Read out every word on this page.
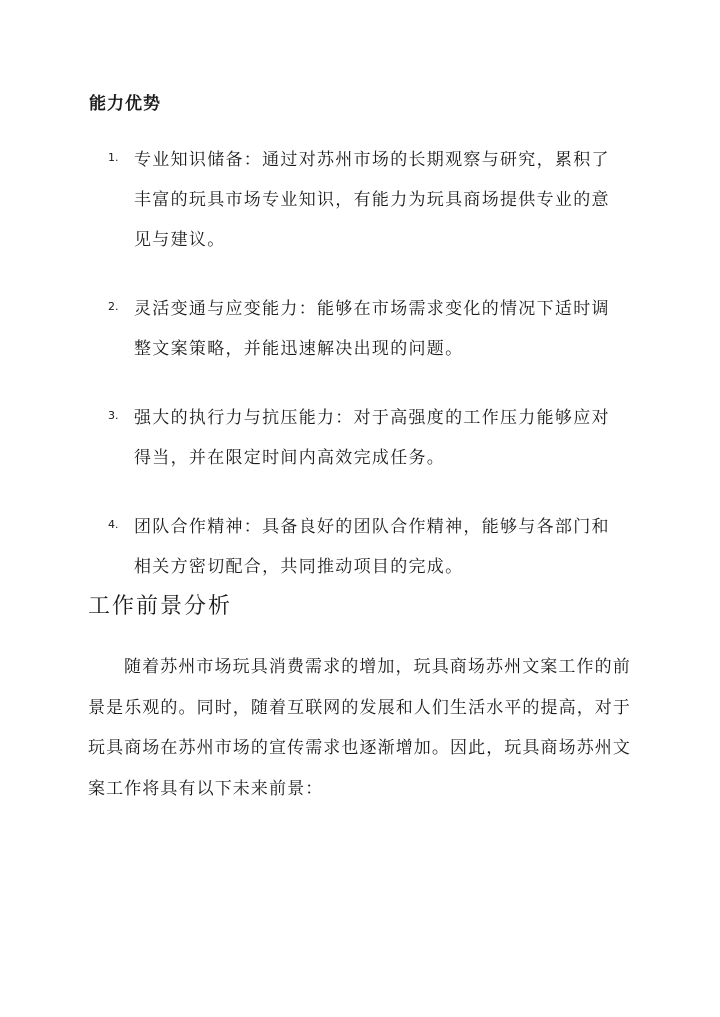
能力优势
1. 专业知识储备：通过对苏州市场的长期观察与研究，累积了丰富的玩具市场专业知识，有能力为玩具商场提供专业的意见与建议。

2. 灵活变通与应变能力：能够在市场需求变化的情况下适时调整文案策略，并能迅速解决出现的问题。

3. 强大的执行力与抗压能力：对于高强度的工作压力能够应对得当，并在限定时间内高效完成任务。

4. 团队合作精神：具备良好的团队合作精神，能够与各部门和相关方密切配合，共同推动项目的完成。

工作前景分析

随着苏州市场玩具消费需求的增加，玩具商场苏州文案工作的前景是乐观的。同时，随着互联网的发展和人们生活水平的提高，对于玩具商场在苏州市场的宣传需求也逐渐增加。因此，玩具商场苏州文案工作将具有以下未来前景：
